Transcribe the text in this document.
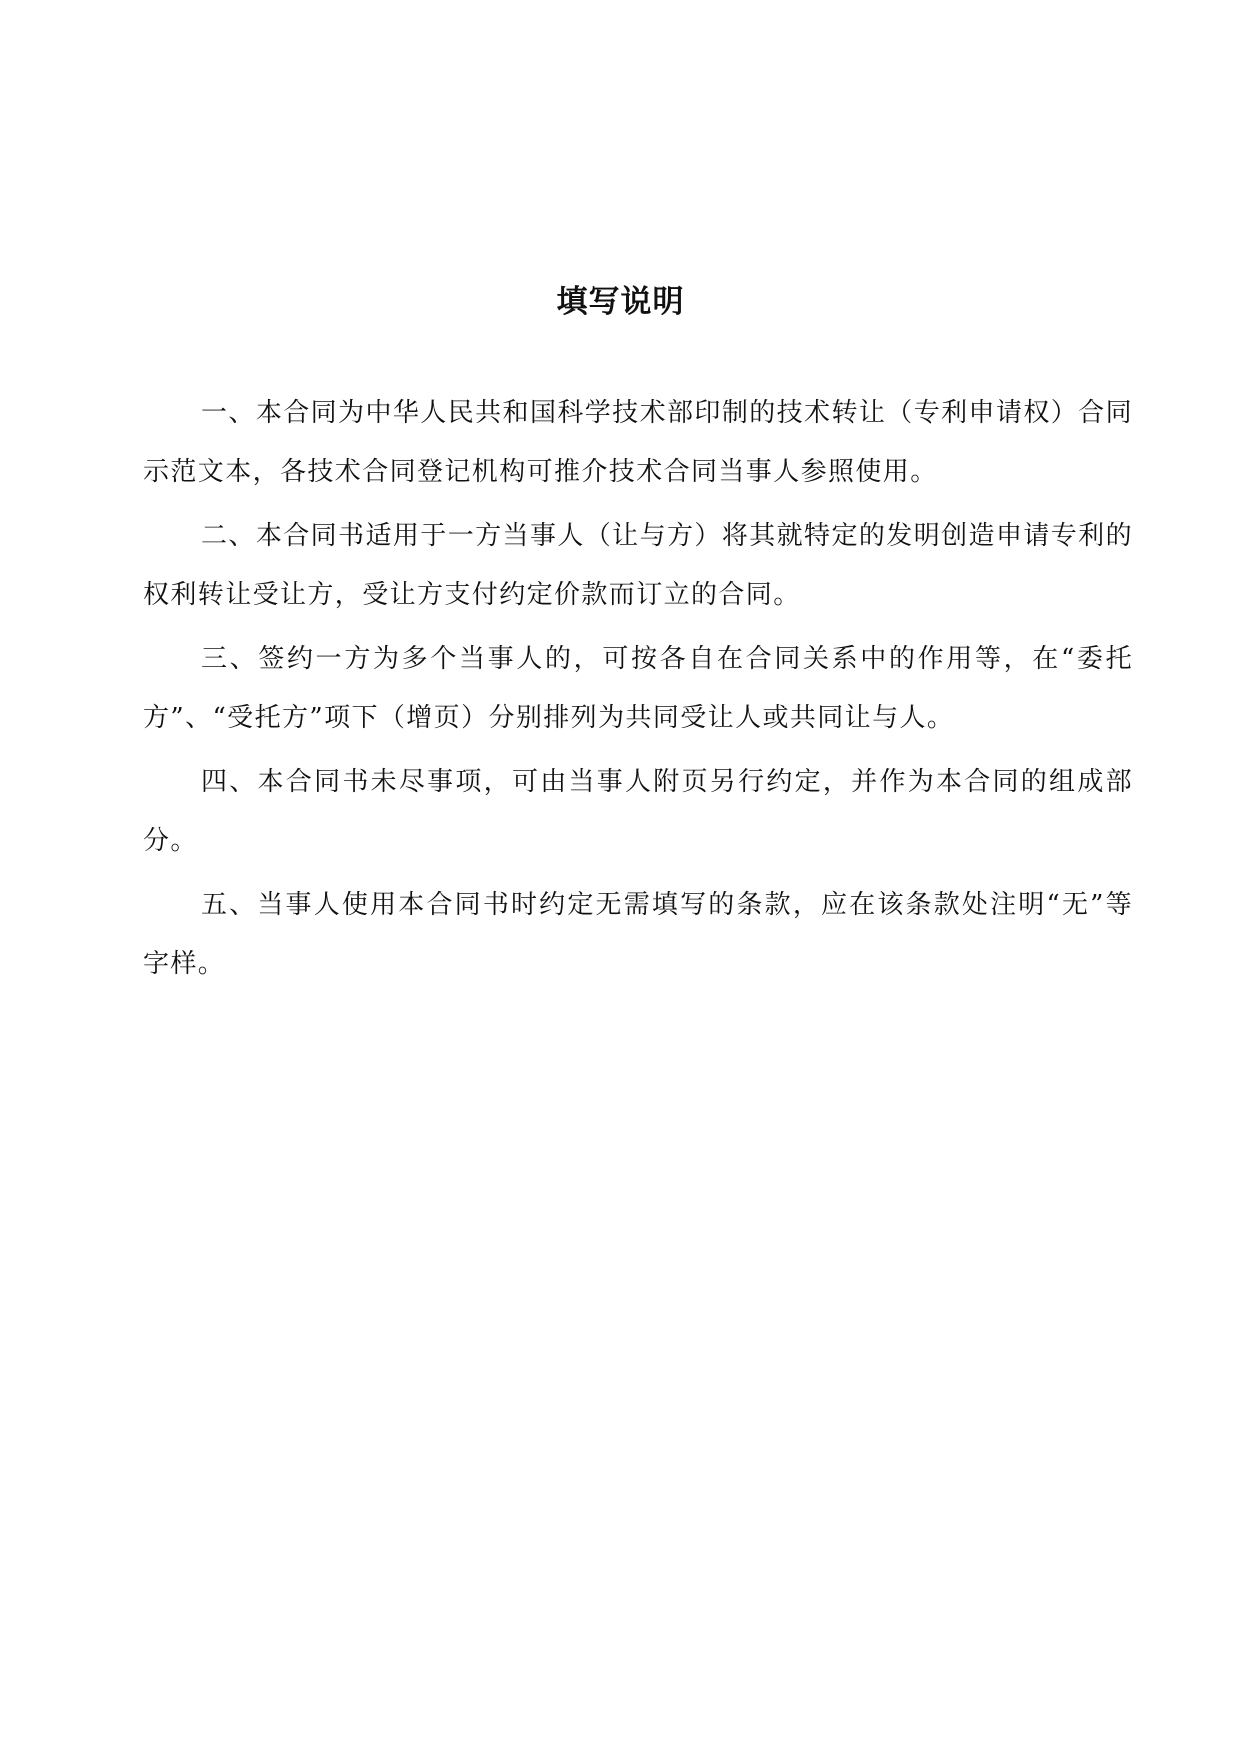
填写说明

一、本合同为中华人民共和国科学技术部印制的技术转让（专利申请权）合同示范文本，各技术合同登记机构可推介技术合同当事人参照使用。

二、本合同书适用于一方当事人（让与方）将其就特定的发明创造申请专利的权利转让受让方，受让方支付约定价款而订立的合同。

三、签约一方为多个当事人的，可按各自在合同关系中的作用等，在“委托方”、“受托方”项下（增页）分别排列为共同受让人或共同让与人。

四、本合同书未尽事项，可由当事人附页另行约定，并作为本合同的组成部分。

五、当事人使用本合同书时约定无需填写的条款，应在该条款处注明“无”等字样。
